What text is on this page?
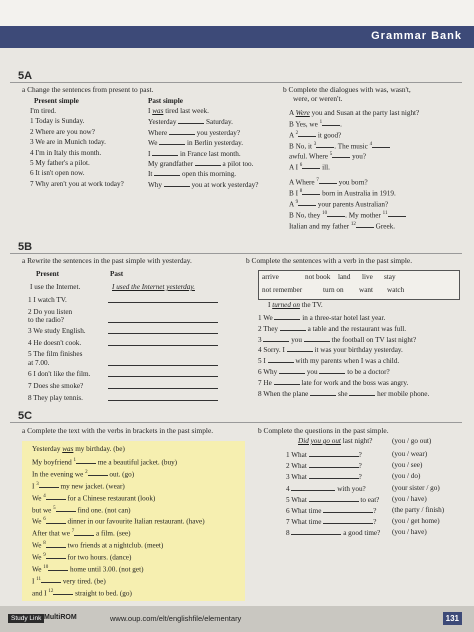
Grammar Bank
5A
a Change the sentences from present to past.
Present simple	Past simple
I'm tired.	I was tired last week.
1 Today is Sunday.	Yesterday	Saturday.
2 Where are you now?	Where	you yesterday?
3 We are in Munich today.	We	in Berlin yesterday.
4 I'm in Italy this month.	I	in France last month.
5 My father's a pilot.	My grandfather	a pilot too.
6 It isn't open now.	It	open this morning.
7 Why aren't you at work today?	Why	you at work yesterday?
b Complete the dialogues with was, wasn't,
were, or weren't.
A Were you and Susan at the party last night?
B Yes, we $^1$	.
A $^2$	it good?
B No, it $^3$	. The music $^4$
awful. Where $^5$	you?
A I $^6$	ill.
A Where $^7$	you born?
B I $^8$	born in Australia in 1919.
A $^9$	your parents Australian?
B No, they $^{10}$	. My mother $^{11}$
Italian and my father $^{12}$	Greek.
5B
a Rewrite the sentences in the past simple with yesterday.
Present	Past
I use the Internet.	I used the Internet yesterday.
1 I watch TV.
2 Do you listen
to the radio?
3 We study English.
4 He doesn't cook.
5 The film finishes
at 7.00.
6 I don't like the film.
7 Does she smoke?
8 They play tennis.
b Complete the sentences with a verb in the past simple.
arrive	not book land live stay
not remember	turn on want watch
I turned on the TV.
1 We	in a three-star hotel last year.
2 They	a table and the restaurant was full.
3	you	the football on TV last night?
4 Sorry. I	it was your birthday yesterday.
5 I	with my parents when I was a child.
6 Why	you	to be a doctor?
7 He	late for work and the boss was angry.
8 When the plane	she	her mobile phone.
5C
a Complete the text with the verbs in brackets in the past simple.
Yesterday was my birthday. (be)
My boyfriend $^1$	me a beautiful jacket. (buy)
In the evening we $^2$	out. (go)
I $^3$	my new jacket. (wear)
We $^4$	for a Chinese restaurant (look)
but we $^5$	find one. (not can)
We $^6$	dinner in our favourite Italian restaurant. (have)
After that we $^7$	a film. (see)
We $^8$	two friends at a nightclub. (meet)
We $^9$	for two hours. (dance)
We $^{10}$	home until 3.00. (not get)
I $^{11}$	very tired. (be)
and I $^{12}$	straight to bed. (go)
b Complete the questions in the past simple.
Did you go out last night?	(you / go out)
1 What	?	(you / wear)
2 What	?	(you / see)
3 What	?	(you / do)
4	with you?	(your sister / go)
5 What	to eat? (you / have)
6 What time	? (the party / finish)
7 What time	? (you / get home)
8	a good time? (you / have)
Study Link MultiROM	www.oup.com/elt/englishfile/elementary	131
